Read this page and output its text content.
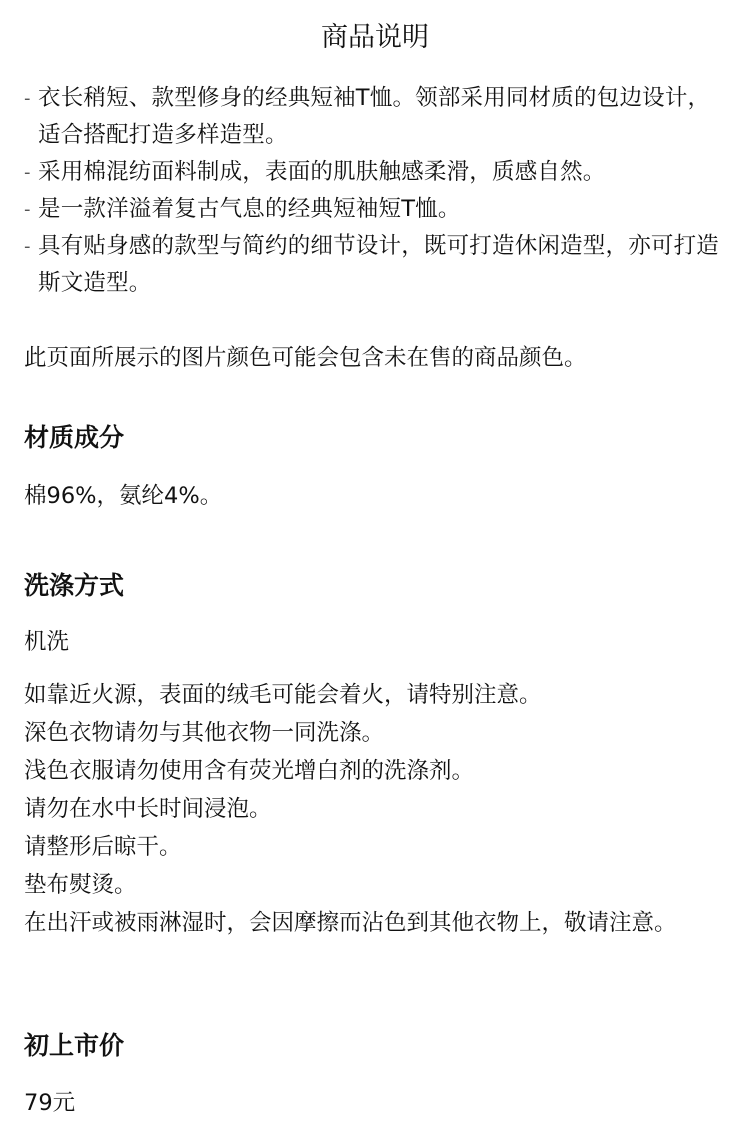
商品说明
- 衣长稍短、款型修身的经典短袖T恤。领部采用同材质的包边设计，适合搭配打造多样造型。
- 采用棉混纺面料制成，表面的肌肤触感柔滑，质感自然。
- 是一款洋溢着复古气息的经典短袖短T恤。
- 具有贴身感的款型与简约的细节设计，既可打造休闲造型，亦可打造斯文造型。
此页面所展示的图片颜色可能会包含未在售的商品颜色。
材质成分
棉96%，氨纶4%。
洗涤方式
机洗
如靠近火源，表面的绒毛可能会着火，请特别注意。
深色衣物请勿与其他衣物一同洗涤。
浅色衣服请勿使用含有荧光增白剂的洗涤剂。
请勿在水中长时间浸泡。
请整形后晾干。
垫布熨烫。
在出汗或被雨淋湿时，会因摩擦而沾色到其他衣物上，敬请注意。
初上市价
79元
